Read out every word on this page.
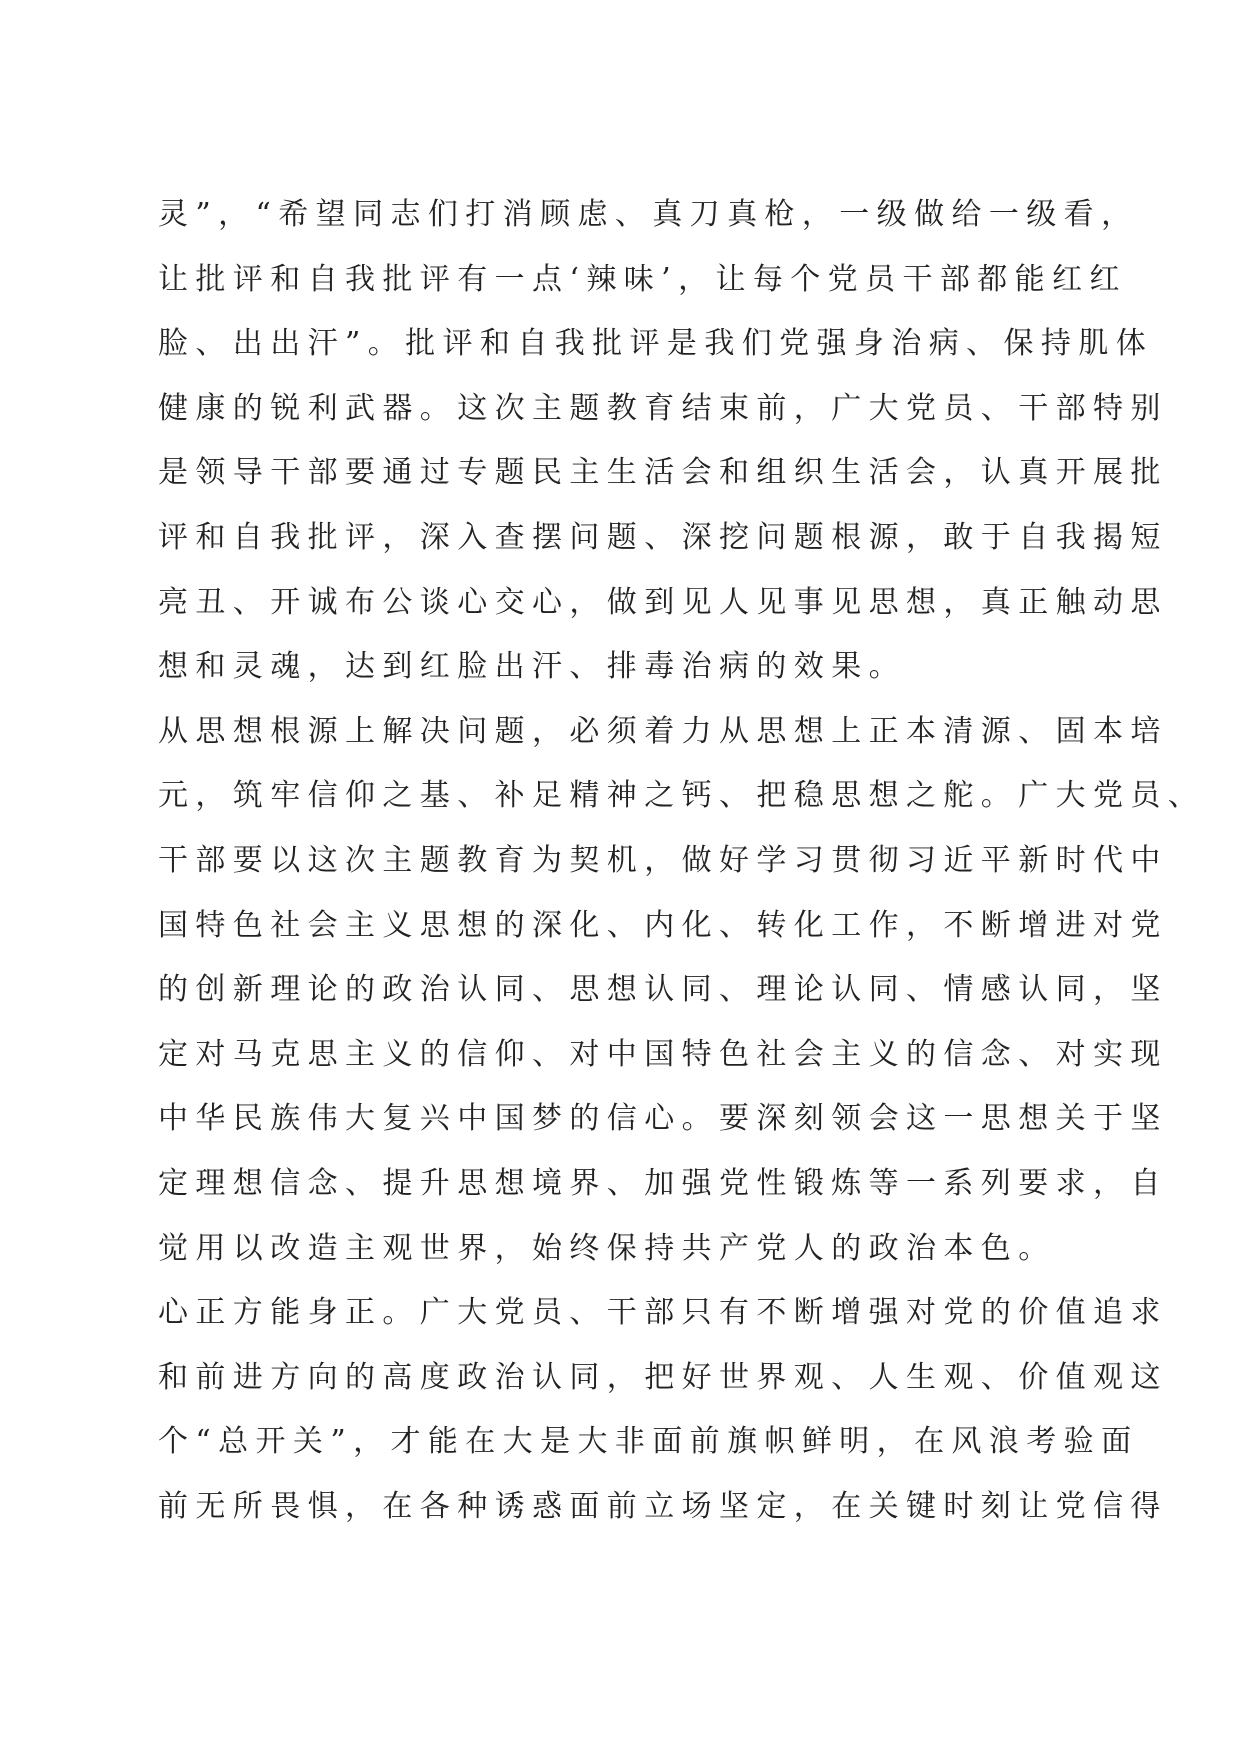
灵”，“希望同志们打消顾虑、真刀真枪，一级做给一级看，
让批评和自我批评有一点‘辣味’，让每个党员干部都能红红
脸、出出汗”。批评和自我批评是我们党强身治病、保持肌体
健康的锐利武器。这次主题教育结束前，广大党员、干部特别
是领导干部要通过专题民主生活会和组织生活会，认真开展批
评和自我批评，深入查摆问题、深挖问题根源，敢于自我揭短
亮丑、开诚布公谈心交心，做到见人见事见思想，真正触动思
想和灵魂，达到红脸出汗、排毒治病的效果。
从思想根源上解决问题，必须着力从思想上正本清源、固本培
元，筑牢信仰之基、补足精神之钙、把稳思想之舵。广大党员、
干部要以这次主题教育为契机，做好学习贯彻习近平新时代中
国特色社会主义思想的深化、内化、转化工作，不断增进对党
的创新理论的政治认同、思想认同、理论认同、情感认同，坚
定对马克思主义的信仰、对中国特色社会主义的信念、对实现
中华民族伟大复兴中国梦的信心。要深刻领会这一思想关于坚
定理想信念、提升思想境界、加强党性锻炼等一系列要求，自
觉用以改造主观世界，始终保持共产党人的政治本色。
心正方能身正。广大党员、干部只有不断增强对党的价值追求
和前进方向的高度政治认同，把好世界观、人生观、价值观这
个“总开关”，才能在大是大非面前旗帜鲜明，在风浪考验面
前无所畏惧，在各种诱惑面前立场坚定，在关键时刻让党信得
